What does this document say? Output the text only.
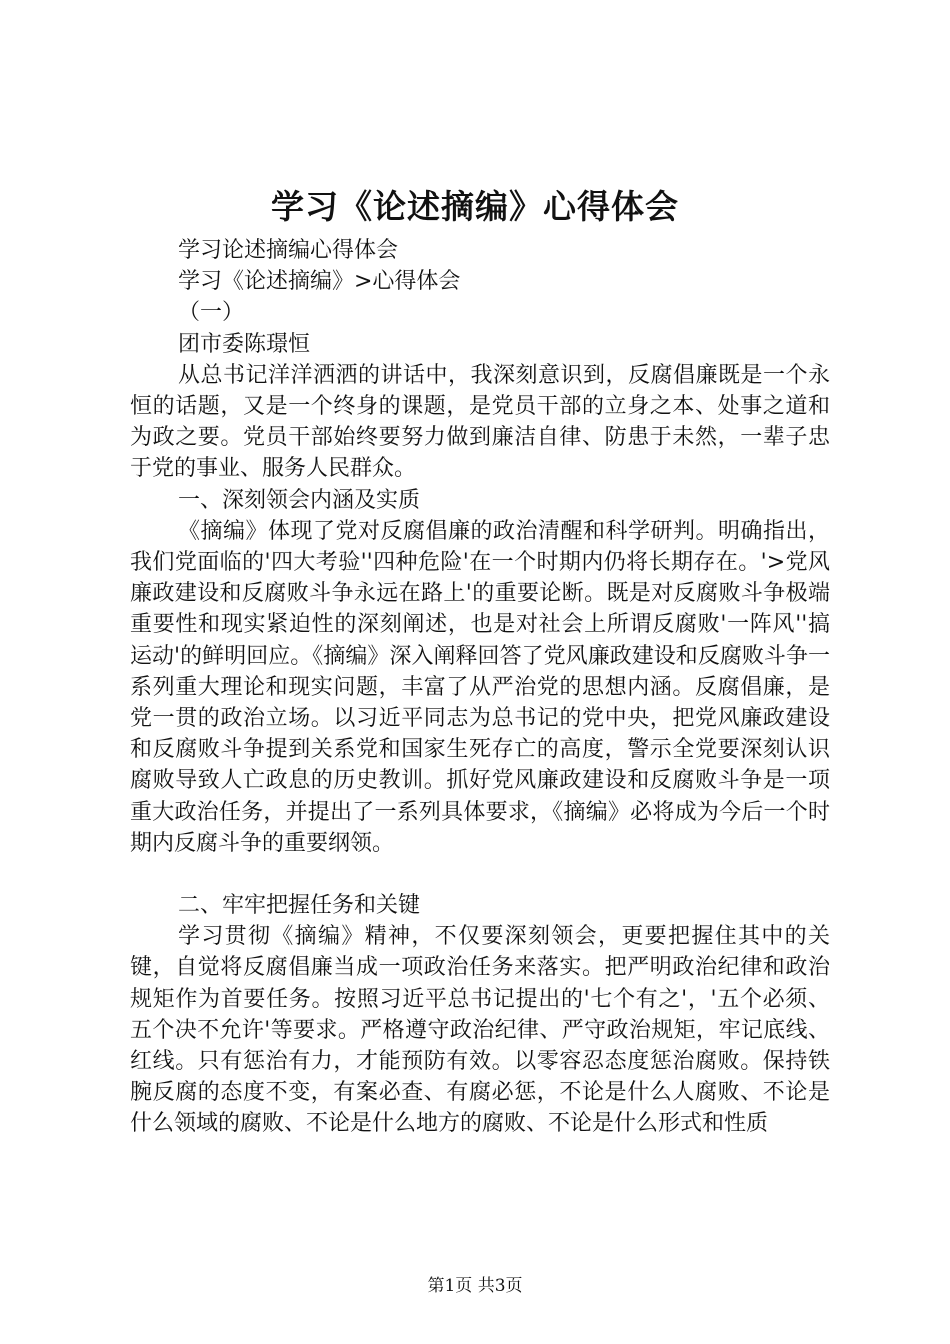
学习《论述摘编》心得体会

学习论述摘编心得体会

学习《论述摘编》>心得体会

（一）

团市委陈璟恒

从总书记洋洋洒洒的讲话中，我深刻意识到，反腐倡廉既是一个永恒的话题，又是一个终身的课题，是党员干部的立身之本、处事之道和为政之要。党员干部始终要努力做到廉洁自律、防患于未然，一辈子忠于党的事业、服务人民群众。

一、深刻领会内涵及实质

《摘编》体现了党对反腐倡廉的政治清醒和科学研判。明确指出，我们党面临的'四大考验''四种危险'在一个时期内仍将长期存在。'>党风廉政建设和反腐败斗争永远在路上'的重要论断。既是对反腐败斗争极端重要性和现实紧迫性的深刻阐述，也是对社会上所谓反腐败'一阵风''搞运动'的鲜明回应。《摘编》深入阐释回答了党风廉政建设和反腐败斗争一系列重大理论和现实问题，丰富了从严治党的思想内涵。反腐倡廉，是党一贯的政治立场。以习近平同志为总书记的党中央，把党风廉政建设和反腐败斗争提到关系党和国家生死存亡的高度，警示全党要深刻认识腐败导致人亡政息的历史教训。抓好党风廉政建设和反腐败斗争是一项重大政治任务，并提出了一系列具体要求，《摘编》必将成为今后一个时期内反腐斗争的重要纲领。

二、牢牢把握任务和关键

学习贯彻《摘编》精神，不仅要深刻领会，更要把握住其中的关键，自觉将反腐倡廉当成一项政治任务来落实。把严明政治纪律和政治规矩作为首要任务。按照习近平总书记提出的'七个有之'，'五个必须、五个决不允许'等要求。严格遵守政治纪律、严守政治规矩，牢记底线、红线。只有惩治有力，才能预防有效。以零容忍态度惩治腐败。保持铁腕反腐的态度不变，有案必查、有腐必惩，不论是什么人腐败、不论是什么领域的腐败、不论是什么地方的腐败、不论是什么形式和性质

第1页 共3页
